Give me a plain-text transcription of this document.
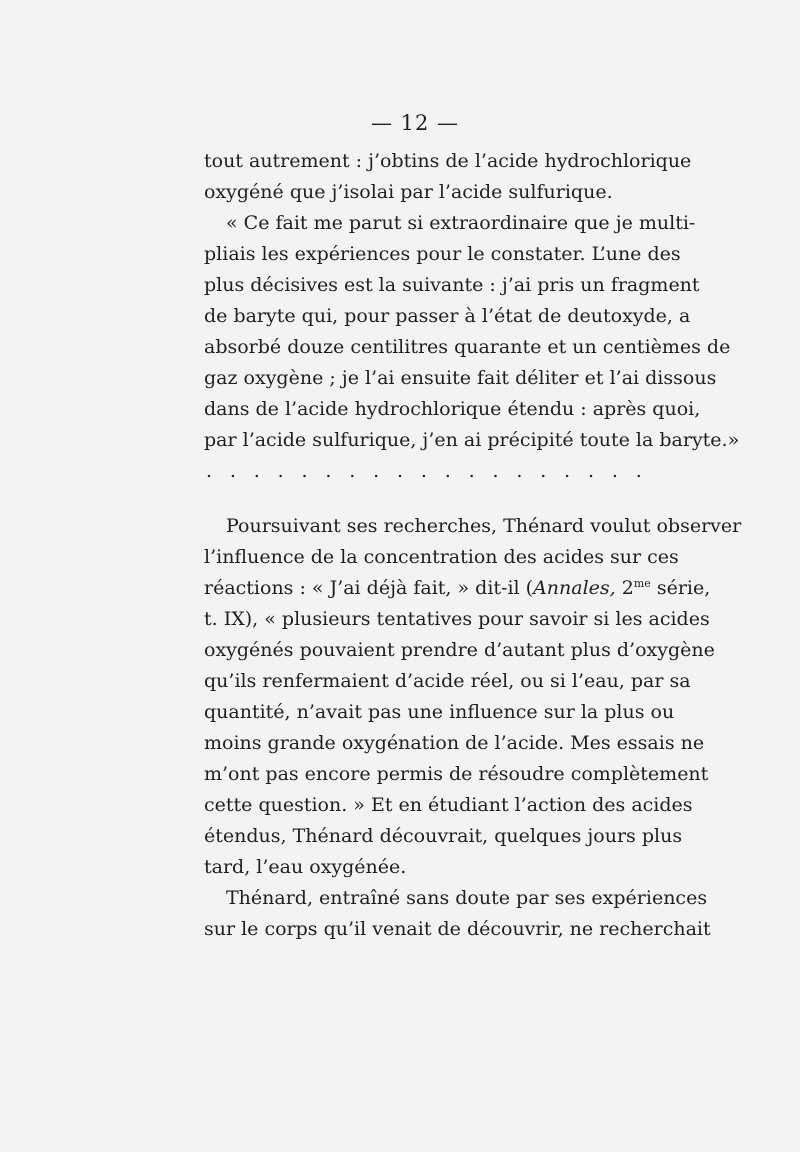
— 12 —
tout autrement : j’obtins de l’acide hydrochlorique
oxygéné que j’isolai par l’acide sulfurique.
« Ce fait me parut si extraordinaire que je multi-
pliais les expériences pour le constater. L’une des
plus décisives est la suivante : j’ai pris un fragment
de baryte qui, pour passer à l’état de deutoxyde, a
absorbé douze centilitres quarante et un centièmes de
gaz oxygène ; je l’ai ensuite fait déliter et l’ai dissous
dans de l’acide hydrochlorique étendu : après quoi,
par l’acide sulfurique, j’en ai précipité toute la baryte.»
. . . . . . . . . . . . . . . . . . .
Poursuivant ses recherches, Thénard voulut observer
l’influence de la concentration des acides sur ces
réactions : « J’ai déjà fait, » dit-il (Annales, $2^{me}$ série,
t. IX), « plusieurs tentatives pour savoir si les acides
oxygénés pouvaient prendre d’autant plus d’oxygène
qu’ils renfermaient d’acide réel, ou si l’eau, par sa
quantité, n’avait pas une influence sur la plus ou
moins grande oxygénation de l’acide. Mes essais ne
m’ont pas encore permis de résoudre complètement
cette question. » Et en étudiant l’action des acides
étendus, Thénard découvrait, quelques jours plus
tard, l’eau oxygénée.
Thénard, entraîné sans doute par ses expériences
sur le corps qu’il venait de découvrir, ne recherchait
